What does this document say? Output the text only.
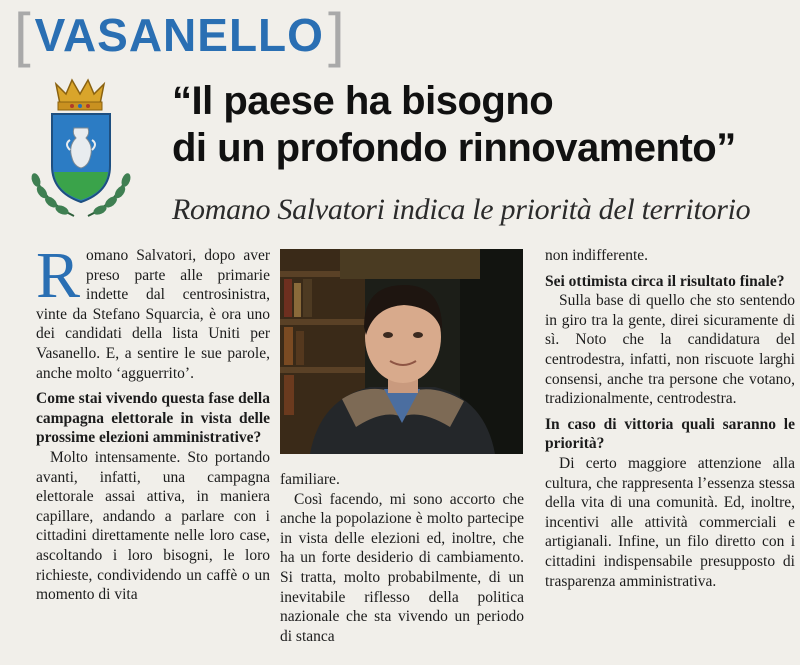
[ VASANELLO ]
“Il paese ha bisogno
di un profondo rinnovamento”
Romano Salvatori indica le priorità del territorio

Romano Salvatori, dopo aver preso parte alle primarie indette dal centrosinistra, vinte da Stefano Squarcia, è ora uno dei candidati della lista Uniti per Vasanello. E, a sentire le sue parole, anche molto ‘agguerrito’.

Come stai vivendo questa fase della campagna elettorale in vista delle prossime elezioni amministrative?

Molto intensamente. Sto portando avanti, infatti, una campagna elettorale assai attiva, in maniera capillare, andando a parlare con i cittadini direttamente nelle loro case, ascoltando i loro bisogni, le loro richieste, condividendo un caffè o un momento di vita

familiare.

Così facendo, mi sono accorto che anche la popolazione è molto partecipe in vista delle elezioni ed, inoltre, che ha un forte desiderio di cambiamento. Si tratta, molto probabilmente, di un inevitabile riflesso della politica nazionale che sta vivendo un periodo di stanca

non indifferente.

Sei ottimista circa il risultato finale?

Sulla base di quello che sto sentendo in giro tra la gente, direi sicuramente di sì. Noto che la candidatura del centrodestra, infatti, non riscuote larghi consensi, anche tra persone che votano, tradizionalmente, centrodestra.

In caso di vittoria quali saranno le priorità?

Di certo maggiore attenzione alla cultura, che rappresenta l’essenza stessa della vita di una comunità. Ed, inoltre, incentivi alle attività commerciali e artigianali. Infine, un filo diretto con i cittadini indispensabile presupposto di trasparenza amministrativa.
